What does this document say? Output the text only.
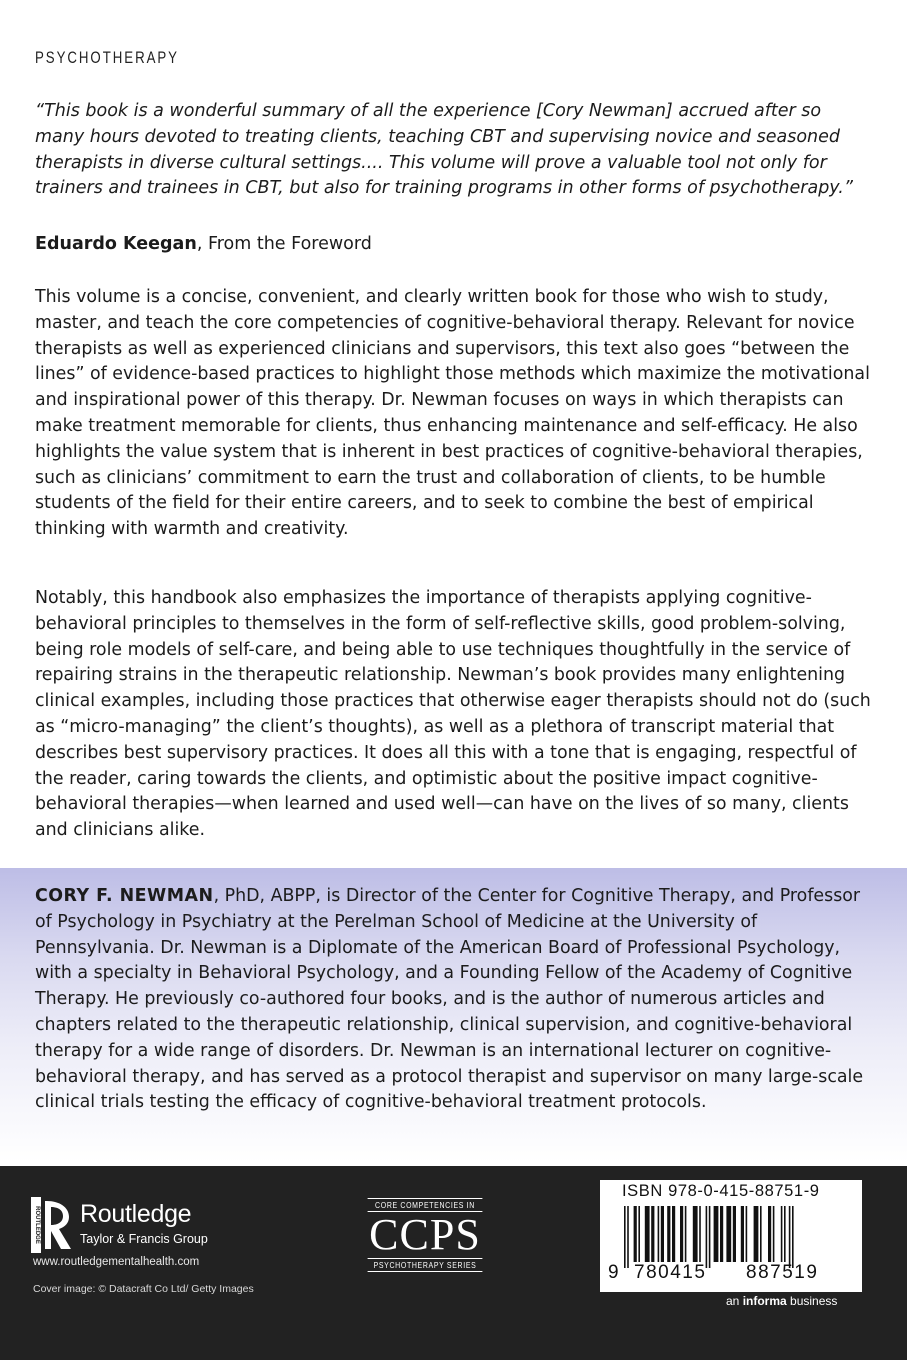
PSYCHOTHERAPY

“This book is a wonderful summary of all the experience [Cory Newman] accrued after so many hours devoted to treating clients, teaching CBT and supervising novice and seasoned therapists in diverse cultural settings.... This volume will prove a valuable tool not only for trainers and trainees in CBT, but also for training programs in other forms of psychotherapy.”

Eduardo Keegan, From the Foreword

This volume is a concise, convenient, and clearly written book for those who wish to study, master, and teach the core competencies of cognitive-behavioral therapy. Relevant for novice therapists as well as experienced clinicians and supervisors, this text also goes “between the lines” of evidence-based practices to highlight those methods which maximize the motivational and inspirational power of this therapy. Dr. Newman focuses on ways in which therapists can make treatment memorable for clients, thus enhancing maintenance and self-efficacy. He also highlights the value system that is inherent in best practices of cognitive-behavioral therapies, such as clinicians’ commitment to earn the trust and collaboration of clients, to be humble students of the field for their entire careers, and to seek to combine the best of empirical thinking with warmth and creativity.

Notably, this handbook also emphasizes the importance of therapists applying cognitive-behavioral principles to themselves in the form of self-reflective skills, good problem-solving, being role models of self-care, and being able to use techniques thoughtfully in the service of repairing strains in the therapeutic relationship. Newman’s book provides many enlightening clinical examples, including those practices that otherwise eager therapists should not do (such as “micro-managing” the client’s thoughts), as well as a plethora of transcript material that describes best supervisory practices. It does all this with a tone that is engaging, respectful of the reader, caring towards the clients, and optimistic about the positive impact cognitive-behavioral therapies—when learned and used well—can have on the lives of so many, clients and clinicians alike.

CORY F. NEWMAN, PhD, ABPP, is Director of the Center for Cognitive Therapy, and Professor of Psychology in Psychiatry at the Perelman School of Medicine at the University of Pennsylvania. Dr. Newman is a Diplomate of the American Board of Professional Psychology, with a specialty in Behavioral Psychology, and a Founding Fellow of the Academy of Cognitive Therapy. He previously co-authored four books, and is the author of numerous articles and chapters related to the therapeutic relationship, clinical supervision, and cognitive-behavioral therapy for a wide range of disorders. Dr. Newman is an international lecturer on cognitive-behavioral therapy, and has served as a protocol therapist and supervisor on many large-scale clinical trials testing the efficacy of cognitive-behavioral treatment protocols.

ROUTLEDGE Routledge
Taylor & Francis Group
www.routledgementalhealth.com
Cover image: © Datacraft Co Ltd/ Getty Images
CORE COMPETENCIES IN
CCPS
PSYCHOTHERAPY SERIES
ISBN 978-0-415-88751-9
9 780415 887519
an informa business
